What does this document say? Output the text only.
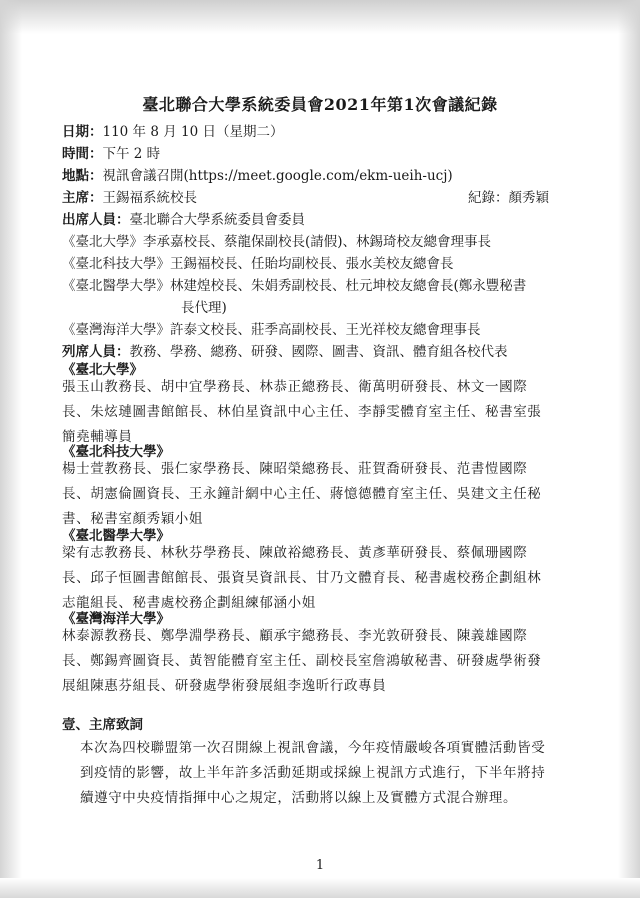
臺北聯合大學系統委員會2021年第1次會議紀錄
日期：110 年 8 月 10 日（星期二）
時間：下午 2 時
地點：視訊會議召開(https://meet.google.com/ekm-ueih-ucj)
主席：王錫福系統校長	紀錄：顏秀穎
出席人員：臺北聯合大學系統委員會委員
《臺北大學》李承嘉校長、蔡龍保副校長(請假)、林錫琦校友總會理事長
《臺北科技大學》王錫福校長、任貽均副校長、張水美校友總會長
《臺北醫學大學》林建煌校長、朱娟秀副校長、杜元坤校友總會長(鄭永豐秘書
長代理)
《臺灣海洋大學》許泰文校長、莊季高副校長、王光祥校友總會理事長
列席人員：教務、學務、總務、研發、國際、圖書、資訊、體育組各校代表
《臺北大學》
張玉山教務長、胡中宜學務長、林恭正總務長、衛萬明研發長、林文一國際
長、朱炫璉圖書館館長、林伯星資訊中心主任、李靜雯體育室主任、秘書室張
簡堯輔導員
《臺北科技大學》
楊士萱教務長、張仁家學務長、陳昭榮總務長、莊賀喬研發長、范書愷國際
長、胡憲倫圖資長、王永鐘計網中心主任、蔣憶德體育室主任、吳建文主任秘
書、秘書室顏秀穎小姐
《臺北醫學大學》
梁有志教務長、林秋芬學務長、陳啟裕總務長、黃彥華研發長、蔡佩珊國際
長、邱子恒圖書館館長、張資昊資訊長、甘乃文體育長、秘書處校務企劃組林
志龍組長、秘書處校務企劃組練郁涵小姐
《臺灣海洋大學》
林泰源教務長、鄭學淵學務長、顧承宇總務長、李光敦研發長、陳義雄國際
長、鄭錫齊圖資長、黃智能體育室主任、副校長室詹鴻敏秘書、研發處學術發
展組陳惠芬組長、研發處學術發展組李逸昕行政專員
壹、主席致詞
本次為四校聯盟第一次召開線上視訊會議，今年疫情嚴峻各項實體活動皆受
到疫情的影響，故上半年許多活動延期或採線上視訊方式進行，下半年將持
續遵守中央疫情指揮中心之規定，活動將以線上及實體方式混合辦理。
1
